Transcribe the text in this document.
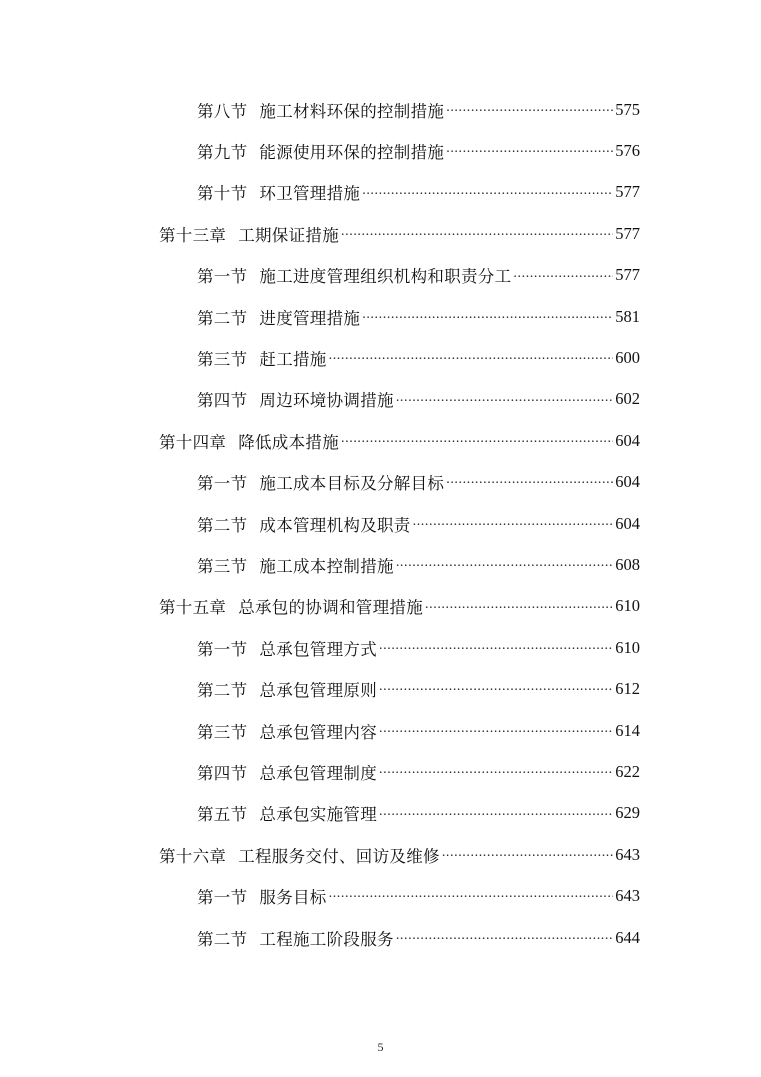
第八节 施工材料环保的控制措施 .....	575
第九节 能源使用环保的控制措施 .....	576
第十节 环卫管理措施 .....	577
第十三章 工期保证措施 .....	577
第一节 施工进度管理组织机构和职责分工 .....	577
第二节 进度管理措施 .....	581
第三节 赶工措施 .....	600
第四节 周边环境协调措施 .....	602
第十四章 降低成本措施 .....	604
第一节 施工成本目标及分解目标 .....	604
第二节 成本管理机构及职责 .....	604
第三节 施工成本控制措施 .....	608
第十五章 总承包的协调和管理措施 .....	610
第一节 总承包管理方式 .....	610
第二节 总承包管理原则 .....	612
第三节 总承包管理内容 .....	614
第四节 总承包管理制度 .....	622
第五节 总承包实施管理 .....	629
第十六章 工程服务交付、回访及维修 .....	643
第一节 服务目标 .....	643
第二节 工程施工阶段服务 .....	644
5
